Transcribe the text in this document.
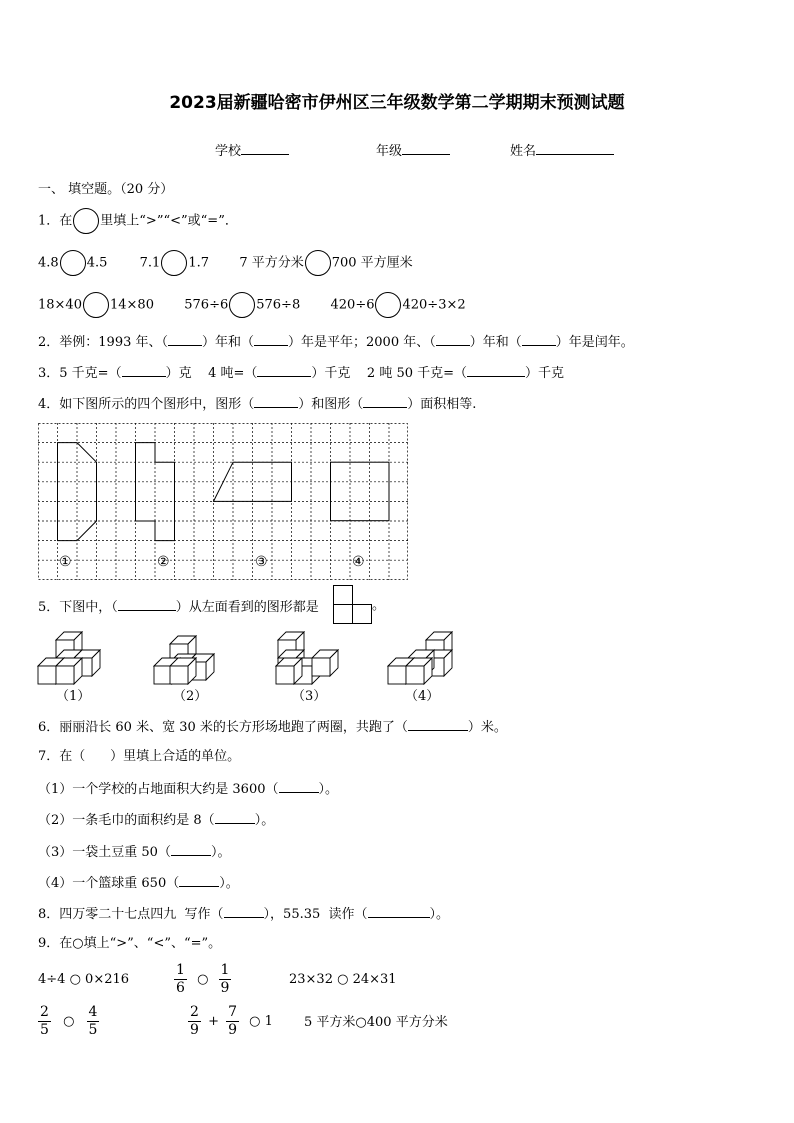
2023届新疆哈密市伊州区三年级数学第二学期期末预测试题
学校	年级	姓名
一、 填空题。（20 分）
1．在 里填上“>”“<”或“=”．
4.8 4.5 7.1 1.7 7 平方分米 700 平方厘米
18×40 14×80 576÷6 576÷8 420÷6 420÷3×2
2．举例：1993 年、（	）年和（	）年是平年；2000 年、（	）年和（	）年是闰年。
3．5 千克=（	）克    4 吨=（	）千克    2 吨 50 千克=（	）千克
4．如下图所示的四个图形中，图形（	）和图形（	）面积相等.
①	②	③	④
5．下图中，（	）从左面看到的图形都是	。
（1）	（2）	（3）	（4）
6．丽丽沿长 60 米、宽 30 米的长方形场地跑了两圈，共跑了（	）米。
7．在（      ）里填上合适的单位。
（1）一个学校的占地面积大约是 3600（	）。
（2）一条毛巾的面积约是 8（	）。
（3）一袋土豆重 50（	）。
（4）一个篮球重 650（	）。
8．四万零二十七点四九  写作（	），55.35  读作（	）。
9．在○填上“>”、“<”、“=”。
4÷4 ○ 0×216	$\frac{1}{6}$ ○ $\frac{1}{9}$	23×32 ○ 24×31
$\frac{2}{5}$ ○ $\frac{4}{5}$	$\frac{2}{9} + \frac{7}{9}$ ○ 1 5 平方米○400 平方分米
